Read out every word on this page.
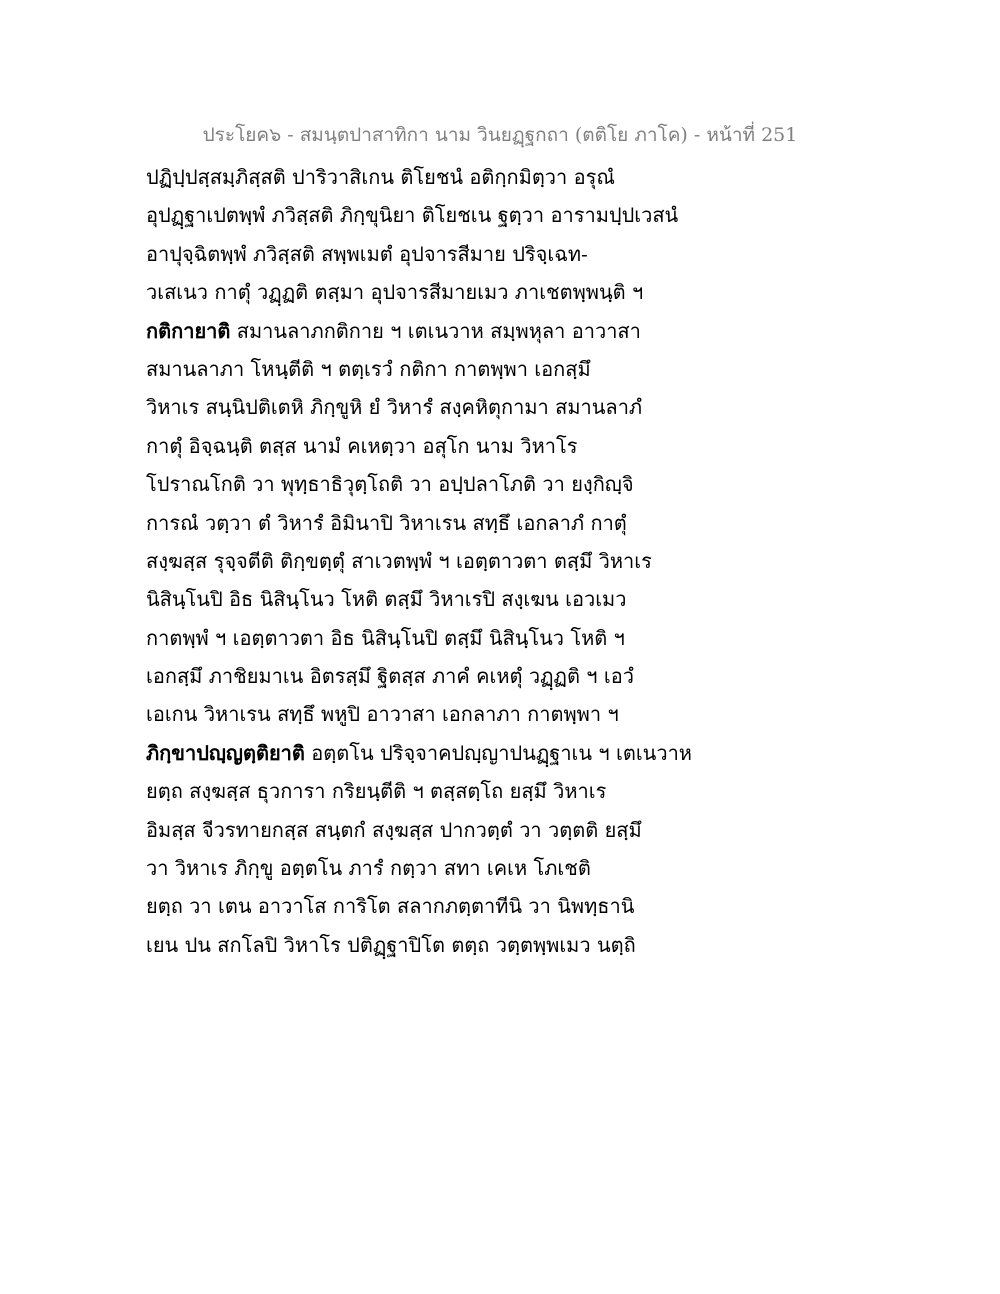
ประโยค๖ - สมนฺตปาสาทิกา นาม วินยฏฺฐกถา (ตติโย ภาโค) - หน้าที่ 251
ปฏิปฺปสฺสมฺภิสฺสติ ปาริวาสิเกน ติโยชนํ อติกฺกมิตฺวา อรุณํ
อุปฏฺฐาเปตพฺพํ ภวิสฺสติ ภิกฺขุนิยา ติโยชเน ฐตฺวา อารามปฺปเวสนํ
อาปุจฺฉิตพฺพํ ภวิสฺสติ สพฺพเมตํ อุปจารสีมาย ปริจฺเฉท-
วเสเนว กาตุํ วฏฺฏติ ตสฺมา อุปจารสีมายเมว ภาเชตพฺพนฺติ ฯ
กติกายาติ สมานลาภกติกาย ฯ เตเนวาห สมฺพหุลา อาวาสา
สมานลาภา โหนฺตีติ ฯ ตตฺเรวํ กติกา กาตพฺพา เอกสฺมึ
วิหาเร สนฺนิปติเตหิ ภิกฺขูหิ ยํ วิหารํ สงฺคหิตุกามา สมานลาภํ
กาตุํ อิจฺฉนฺติ ตสฺส นามํ คเหตฺวา อสุโก นาม วิหาโร
โปราณโกติ วา พุทฺธาธิวุตฺโถติ วา อปฺปลาโภติ วา ยงฺกิญฺจิ
การณํ วตฺวา ตํ วิหารํ อิมินาปิ วิหาเรน สทฺธึ เอกลาภํ กาตุํ
สงฺฆสฺส รุจฺจตีติ ติกฺขตฺตุํ สาเวตพฺพํ ฯ เอตฺตาวตา ตสฺมึ วิหาเร
นิสินฺโนปิ อิธ นิสินฺโนว โหติ ตสฺมึ วิหาเรปิ สงฺเฆน เอวเมว
กาตพฺพํ ฯ เอตฺตาวตา อิธ นิสินฺโนปิ ตสฺมึ นิสินฺโนว โหติ ฯ
เอกสฺมึ ภาชิยมาเน อิตรสฺมึ ฐิตสฺส ภาคํ คเหตุํ วฏฺฏติ ฯ เอวํ
เอเกน วิหาเรน สทฺธึ พหูปิ อาวาสา เอกลาภา กาตพฺพา ฯ
ภิกฺขาปญฺญตฺติยาติ อตฺตโน ปริจฺจาคปญฺญาปนฏฺฐาเน ฯ เตเนวาห
ยตฺถ สงฺฆสฺส ธุวการา กริยนฺตีติ ฯ ตสฺสตฺโถ ยสฺมึ วิหาเร
อิมสฺส จีวรทายกสฺส สนฺตกํ สงฺฆสฺส ปากวตฺตํ วา วตฺตติ ยสฺมึ
วา วิหาเร ภิกฺขู อตฺตโน ภารํ กตฺวา สทา เคเห โภเชติ
ยตฺถ วา เตน อาวาโส การิโต สลากภตฺตาทีนิ วา นิพทฺธานิ
เยน ปน สกโลปิ วิหาโร ปติฏฺฐาปิโต ตตฺถ วตฺตพฺพเมว นตฺถิ
